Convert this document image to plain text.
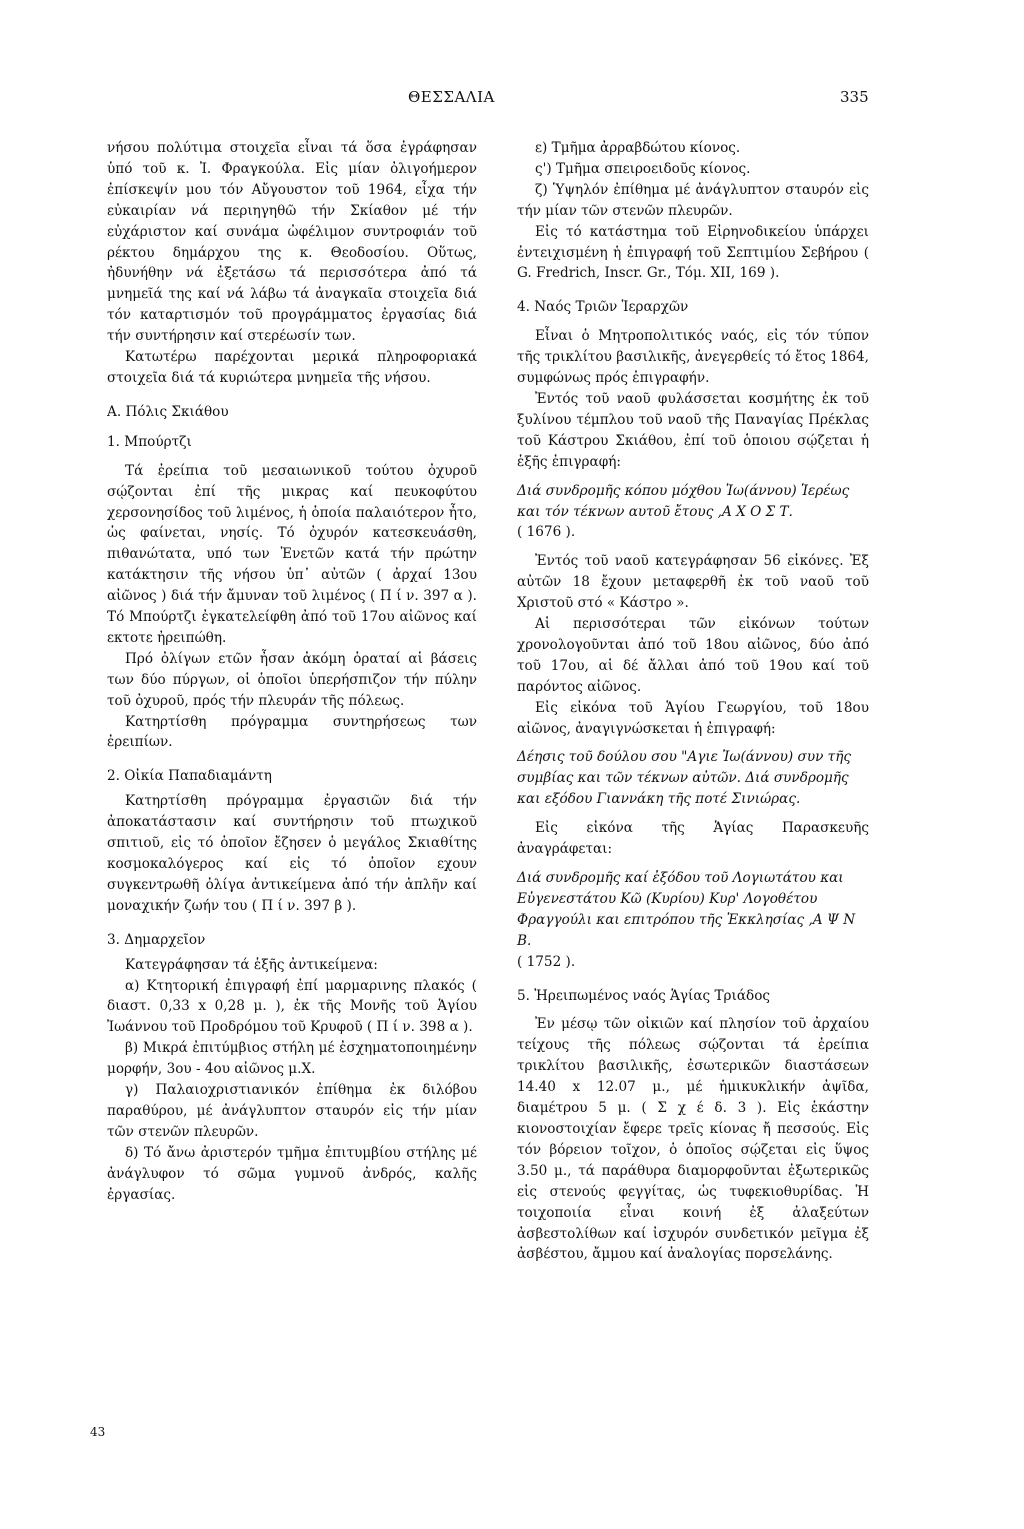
ΘΕΣΣΑΛΙΑ	335

νήσου πολύτιμα στοιχεῖα εἶναι τά ὅσα ἐγράφησαν ὑπό τοῦ κ. Ἰ. Φραγκούλα. Εἰς μίαν ὀλιγοήμερον ἐπίσκεψίν μου τόν Αὔγουστον τοῦ 1964, εἶχα τήν εὐκαιρίαν νά περιηγηθῶ τήν Σκίαθον μέ τήν εὐχάριστον καί συνάμα ὠφέλιμον συντροφιάν τοῦ ρέκτου δημάρχου της κ. Θεοδοσίου. Οὕτως, ἠδυνήθην νά ἐξετάσω τά περισσότερα ἀπό τά μνημεῖά της καί νά λάβω τά ἀναγκαῖα στοιχεῖα διά τόν καταρτισμόν τοῦ προγράμματος ἐργασίας διά τήν συντήρησιν καί στερέωσίν των.

Κατωτέρω παρέχονται μερικά πληροφοριακά στοιχεῖα διά τά κυριώτερα μνημεῖα τῆς νήσου.

Α. Πόλις Σκιάθου
1. Μπούρτζι

Τά ἐρείπια τοῦ μεσαιωνικοῦ τούτου ὀχυροῦ σῴζονται ἐπί τῆς μικρας καί πευκοφύτου χερσονησίδος τοῦ λιμένος, ἡ ὁποία παλαιότερον ἦτο, ὡς φαίνεται, νησίς. Τό ὀχυρόν κατεσκευάσθη, πιθανώτατα, υπό των Ἐνετῶν κατά τήν πρώτην κατάκτησιν τῆς νήσου ὑπ᾿ αὐτῶν ( ἀρχαί 13ου αἰῶνος ) διά τήν ἄμυναν τοῦ λιμένος ( Π ί ν. 397 α ). Τό Μπούρτζι ἐγκατελείφθη ἀπό τοῦ 17ου αἰῶνος καί εκτοτε ἠρειπώθη.

Πρό ὀλίγων ετῶν ἦσαν ἀκόμη ὁραταί αἱ βάσεις των δύο πύργων, οἱ ὁποῖοι ὑπερήσπιζον τήν πύλην τοῦ ὀχυροῦ, πρός τήν πλευράν τῆς πόλεως.

Κατηρτίσθη πρόγραμμα συντηρήσεως των ἐρειπίων.

2. Οἰκία Παπαδιαμάντη

Κατηρτίσθη πρόγραμμα ἐργασιῶν διά τήν ἀποκατάστασιν καί συντήρησιν τοῦ πτωχικοῦ σπιτιοῦ, εἰς τό ὁποῖον ἔζησεν ὁ μεγάλος Σκιαθίτης κοσμοκαλόγερος καί εἰς τό ὁποῖον εχουν συγκεντρωθῆ ὀλίγα ἀντικείμενα ἀπό τήν ἁπλῆν καί μοναχικήν ζωήν του ( Π ί ν. 397 β ).

3. Δημαρχεῖον

Κατεγράφησαν τά ἑξῆς ἀντικείμενα:

α) Κτητορική ἐπιγραφή ἐπί μαρμαρινης πλακός ( διαστ. 0,33 x 0,28 μ. ), ἐκ τῆς Μονῆς τοῦ Ἁγίου Ἰωάννου τοῦ Προδρόμου τοῦ Κρυφοῦ ( Π ί ν. 398 α ).

β) Μικρά ἐπιτύμβιος στήλη μέ ἐσχηματοποιημένην μορφήν, 3ου - 4ου αἰῶνος μ.Χ.

γ) Παλαιοχριστιανικόν ἐπίθημα ἐκ διλόβου παραθύρου, μέ ἀνάγλυπτον σταυρόν εἰς τήν μίαν τῶν στενῶν πλευρῶν.

δ) Τό ἄνω ἀριστερόν τμῆμα ἐπιτυμβίου στήλης μέ ἀνάγλυφον τό σῶμα γυμνοῦ ἀνδρός, καλῆς ἐργασίας.

43

ε) Τμῆμα ἀρραβδώτου κίονος.

ς') Τμῆμα σπειροειδοῦς κίονος.

ζ) Ὑψηλόν ἐπίθημα μέ ἀνάγλυπτον σταυρόν εἰς τήν μίαν τῶν στενῶν πλευρῶν.

Εἰς τό κατάστημα τοῦ Εἰρηνοδικείου ὑπάρχει ἐντειχισμένη ἡ ἐπιγραφή τοῦ Σεπτιμίου Σεβήρου ( G. Fredrich, Inscr. Gr., Τόμ. XII, 169 ).

4. Ναός Τριῶν Ἱεραρχῶν

Εἶναι ὁ Μητροπολιτικός ναός, εἰς τόν τύπον τῆς τρικλίτου βασιλικῆς, ἀνεγερθείς τό ἔτος 1864, συμφώνως πρός ἐπιγραφήν.

Ἐντός τοῦ ναοῦ φυλάσσεται κοσμήτης ἐκ τοῦ ξυλίνου τέμπλου τοῦ ναοῦ τῆς Παναγίας Πρέκλας τοῦ Κάστρου Σκιάθου, ἐπί τοῦ ὁποιου σῴζεται ἡ ἑξῆς ἐπιγραφή:

Διά συνδρομῆς κόπου μόχθου Ἰω(άννου) Ἱερέως και τόν τέκνων αυτοῦ ἔτους ,Α Χ Ο Σ Τ.

( 1676 ).

Ἐντός τοῦ ναοῦ κατεγράφησαν 56 εἰκόνες. Ἐξ αὐτῶν 18 ἔχουν μεταφερθῆ ἐκ τοῦ ναοῦ τοῦ Χριστοῦ στό « Κάστρο ».

Αἱ περισσότεραι τῶν εἰκόνων τούτων χρονολογοῦνται ἀπό τοῦ 18ου αἰῶνος, δύο ἀπό τοῦ 17ου, αἱ δέ ἄλλαι ἀπό τοῦ 19ου καί τοῦ παρόντος αἰῶνος.

Εἰς εἰκόνα τοῦ Ἁγίου Γεωργίου, τοῦ 18ου αἰῶνος, ἀναγιγνώσκεται ἡ ἐπιγραφή:

Δέησις τοῦ δούλου σου "Αγιε Ἰω(άννου) συν τῆς συμβίας και τῶν τέκνων αὐτῶν. Διά συνδρομῆς και εξόδου Γιαννάκη τῆς ποτέ Σινιώρας.

Εἰς εἰκόνα τῆς Ἁγίας Παρασκευῆς ἀναγράφεται:

Διά συνδρομῆς καί ἐξόδου τοῦ Λογιωτάτου και Εὐγενεστάτου Κῶ (Κυρίου) Κυρ' Λογοθέτου Φραγγούλι και επιτρόπου τῆς Ἐκκλησίας ,Α Ψ Ν Β.

( 1752 ).

5. Ἠρειπωμένος ναός Ἁγίας Τριάδος

Ἐν μέσῳ τῶν οἰκιῶν καί πλησίον τοῦ ἀρχαίου τείχους τῆς πόλεως σῴζονται τά ἐρείπια τρικλίτου βασιλικῆς, ἐσωτερικῶν διαστάσεων 14.40 x 12.07 μ., μέ ἡμικυκλικήν ἀψῖδα, διαμέτρου 5 μ. ( Σ χ έ δ. 3 ). Εἰς ἑκάστην κιονοστοιχίαν ἔφερε τρεῖς κίονας ἤ πεσσούς. Εἰς τόν βόρειον τοῖχον, ὁ ὁποῖος σῴζεται εἰς ὕψος 3.50 μ., τά παράθυρα διαμορφοῦνται ἐξωτερικῶς εἰς στενούς φεγγίτας, ὡς τυφεκιοθυρίδας. Ἡ τοιχοποιία εἶναι κοινή ἐξ ἀλαξεύτων ἀσβεστολίθων καί ἰσχυρόν συνδετικόν μεῖγμα ἐξ ἀσβέστου, ἄμμου καί ἀναλογίας πορσελάνης.
